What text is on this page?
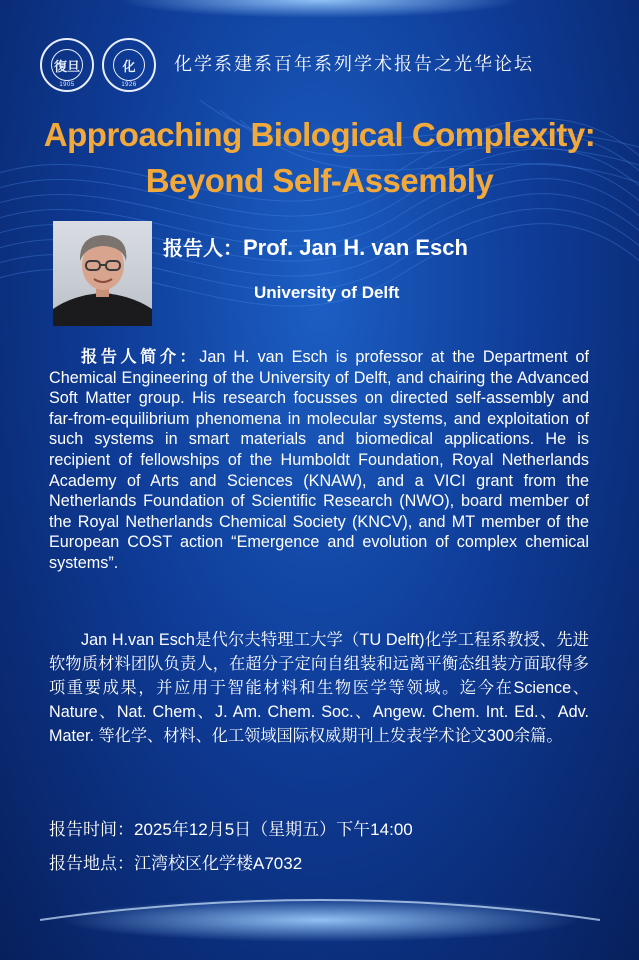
復旦
1905
化
1926
化学系建系百年系列学术报告之光华论坛
Approaching Biological Complexity:
Beyond Self-Assembly
报告人：Prof. Jan H. van Esch
University of Delft
报告人简介：Jan H. van Esch is professor at the Department of Chemical Engineering of the University of Delft, and chairing the Advanced Soft Matter group. His research focusses on directed self-assembly and far-from-equilibrium phenomena in molecular systems, and exploitation of such systems in smart materials and biomedical applications. He is recipient of fellowships of the Humboldt Foundation, Royal Netherlands Academy of Arts and Sciences (KNAW), and a VICI grant from the Netherlands Foundation of Scientific Research (NWO), board member of the Royal Netherlands Chemical Society (KNCV), and MT member of the European COST action “Emergence and evolution of complex chemical systems”.
Jan H.van Esch是代尔夫特理工大学（TU Delft)化学工程系教授、先进软物质材料团队负责人，在超分子定向自组装和远离平衡态组装方面取得多项重要成果，并应用于智能材料和生物医学等领域。迄今在Science、Nature、Nat. Chem、J. Am. Chem. Soc.、Angew. Chem. Int. Ed.、Adv. Mater. 等化学、材料、化工领域国际权威期刊上发表学术论文300余篇。
报告时间：2025年12月5日（星期五）下午14:00
报告地点：江湾校区化学楼A7032
